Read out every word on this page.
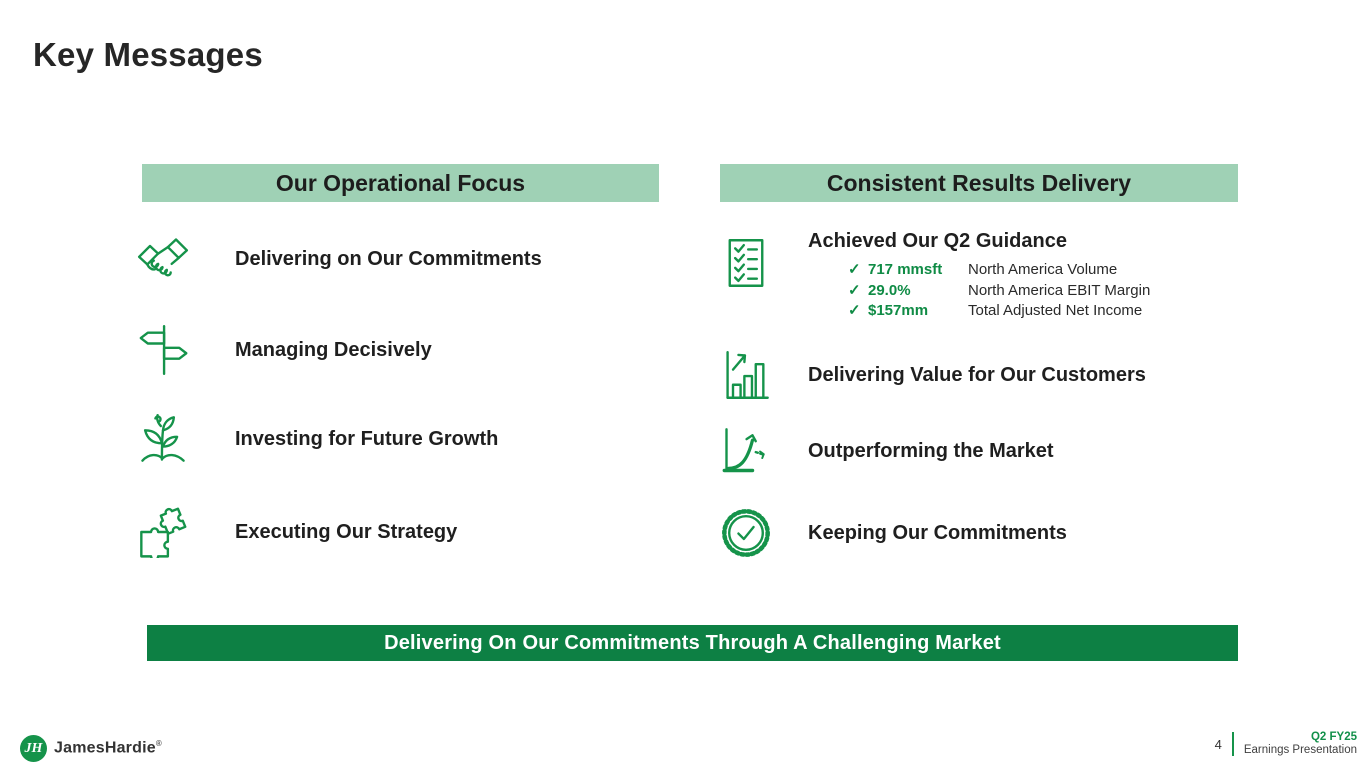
Key Messages
Our Operational Focus	Consistent Results Delivery
Delivering on Our Commitments
Managing Decisively
Investing for Future Growth
Executing Our Strategy
Achieved Our Q2 Guidance
✓ 717 mmsft	North America Volume
✓ 29.0%	North America EBIT Margin
✓ $157mm	Total Adjusted Net Income
Delivering Value for Our Customers
Outperforming the Market
Keeping Our Commitments
Delivering On Our Commitments Through A Challenging Market
JH JamesHardie®	4	Q2 FY25
Earnings Presentation
